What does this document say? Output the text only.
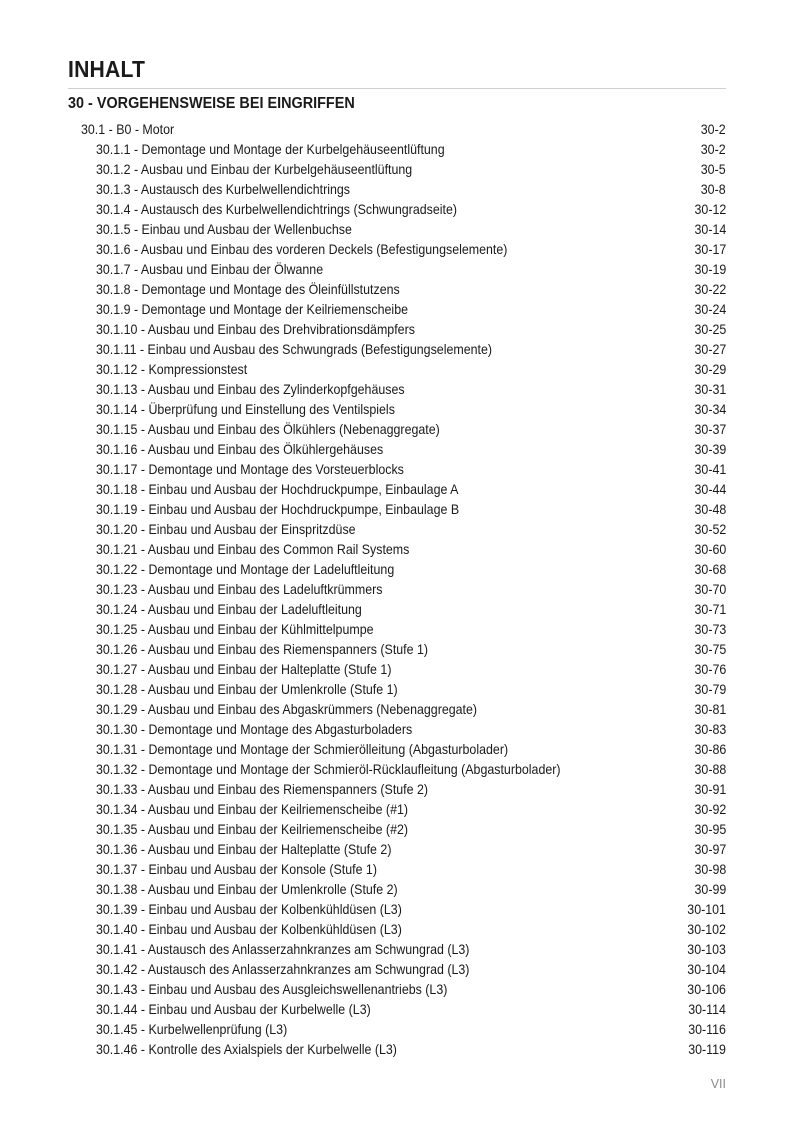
INHALT
30 - VORGEHENSWEISE BEI EINGRIFFEN
30.1 - B0 - Motor	30-2
30.1.1 - Demontage und Montage der Kurbelgehäuseentlüftung	30-2
30.1.2 - Ausbau und Einbau der Kurbelgehäuseentlüftung	30-5
30.1.3 - Austausch des Kurbelwellendichtrings	30-8
30.1.4 - Austausch des Kurbelwellendichtrings (Schwungradseite)	30-12
30.1.5 - Einbau und Ausbau der Wellenbuchse	30-14
30.1.6 - Ausbau und Einbau des vorderen Deckels (Befestigungselemente)	30-17
30.1.7 - Ausbau und Einbau der Ölwanne	30-19
30.1.8 - Demontage und Montage des Öleinfüllstutzens	30-22
30.1.9 - Demontage und Montage der Keilriemenscheibe	30-24
30.1.10 - Ausbau und Einbau des Drehvibrationsdämpfers	30-25
30.1.11 - Einbau und Ausbau des Schwungrads (Befestigungselemente)	30-27
30.1.12 - Kompressionstest	30-29
30.1.13 - Ausbau und Einbau des Zylinderkopfgehäuses	30-31
30.1.14 - Überprüfung und Einstellung des Ventilspiels	30-34
30.1.15 - Ausbau und Einbau des Ölkühlers (Nebenaggregate)	30-37
30.1.16 - Ausbau und Einbau des Ölkühlergehäuses	30-39
30.1.17 - Demontage und Montage des Vorsteuerblocks	30-41
30.1.18 - Einbau und Ausbau der Hochdruckpumpe, Einbaulage A	30-44
30.1.19 - Einbau und Ausbau der Hochdruckpumpe, Einbaulage B	30-48
30.1.20 - Einbau und Ausbau der Einspritzdüse	30-52
30.1.21 - Ausbau und Einbau des Common Rail Systems	30-60
30.1.22 - Demontage und Montage der Ladeluftleitung	30-68
30.1.23 - Ausbau und Einbau des Ladeluftkrümmers	30-70
30.1.24 - Ausbau und Einbau der Ladeluftleitung	30-71
30.1.25 - Ausbau und Einbau der Kühlmittelpumpe	30-73
30.1.26 - Ausbau und Einbau des Riemenspanners (Stufe 1)	30-75
30.1.27 - Ausbau und Einbau der Halteplatte (Stufe 1)	30-76
30.1.28 - Ausbau und Einbau der Umlenkrolle (Stufe 1)	30-79
30.1.29 - Ausbau und Einbau des Abgaskrümmers (Nebenaggregate)	30-81
30.1.30 - Demontage und Montage des Abgasturboladers	30-83
30.1.31 - Demontage und Montage der Schmierölleitung (Abgasturbolader)	30-86
30.1.32 - Demontage und Montage der Schmieröl-Rücklaufleitung (Abgasturbolader)	30-88
30.1.33 - Ausbau und Einbau des Riemenspanners (Stufe 2)	30-91
30.1.34 - Ausbau und Einbau der Keilriemenscheibe (#1)	30-92
30.1.35 - Ausbau und Einbau der Keilriemenscheibe (#2)	30-95
30.1.36 - Ausbau und Einbau der Halteplatte (Stufe 2)	30-97
30.1.37 - Einbau und Ausbau der Konsole (Stufe 1)	30-98
30.1.38 - Ausbau und Einbau der Umlenkrolle (Stufe 2)	30-99
30.1.39 - Einbau und Ausbau der Kolbenkühldüsen (L3)	30-101
30.1.40 - Einbau und Ausbau der Kolbenkühldüsen (L3)	30-102
30.1.41 - Austausch des Anlasserzahnkranzes am Schwungrad (L3)	30-103
30.1.42 - Austausch des Anlasserzahnkranzes am Schwungrad (L3)	30-104
30.1.43 - Einbau und Ausbau des Ausgleichswellenantriebs (L3)	30-106
30.1.44 - Einbau und Ausbau der Kurbelwelle (L3)	30-114
30.1.45 - Kurbelwellenprüfung (L3)	30-116
30.1.46 - Kontrolle des Axialspiels der Kurbelwelle (L3)	30-119
VII
